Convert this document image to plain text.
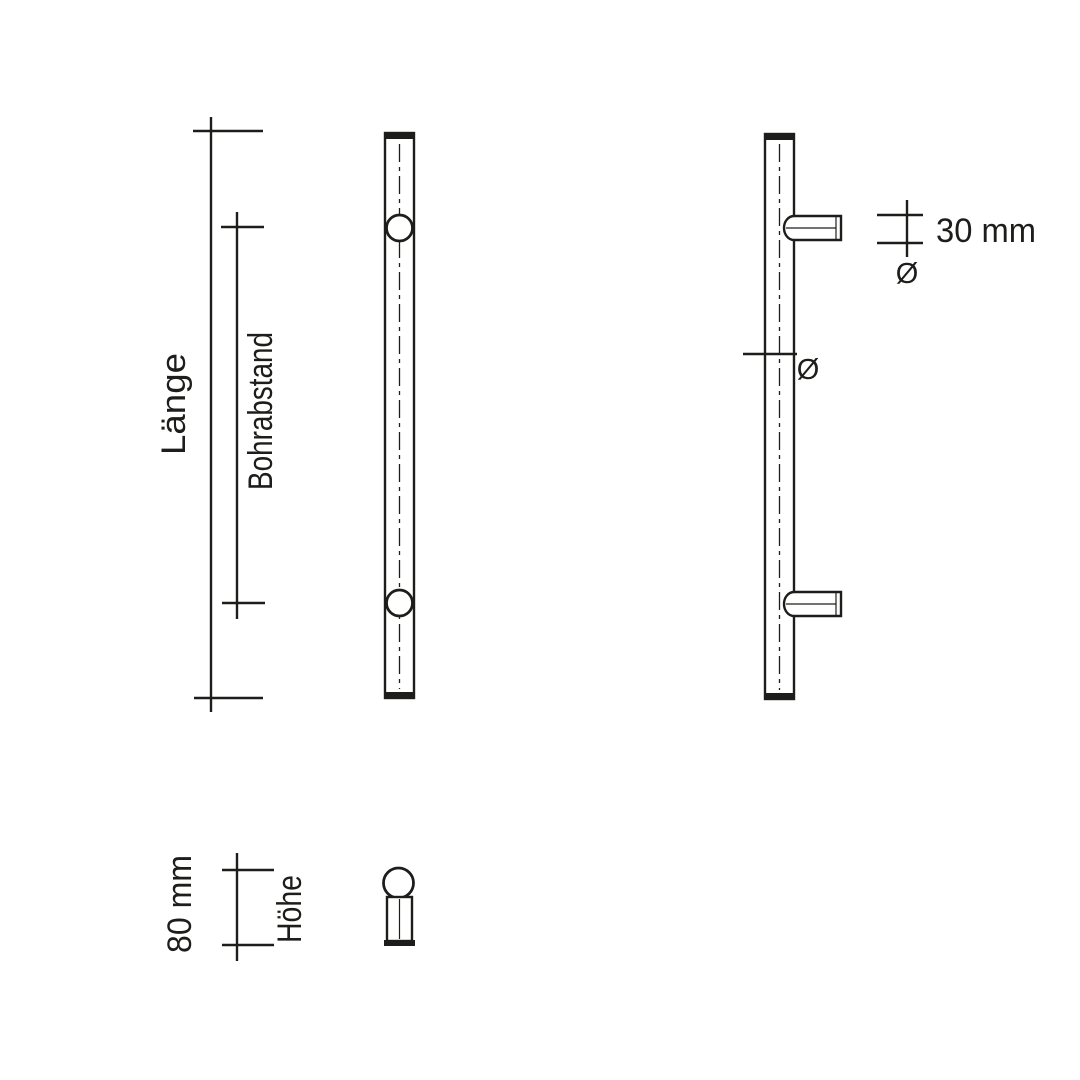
Länge Bohrabstand	Ø
30 mm
Ø
80 mm Höhe
